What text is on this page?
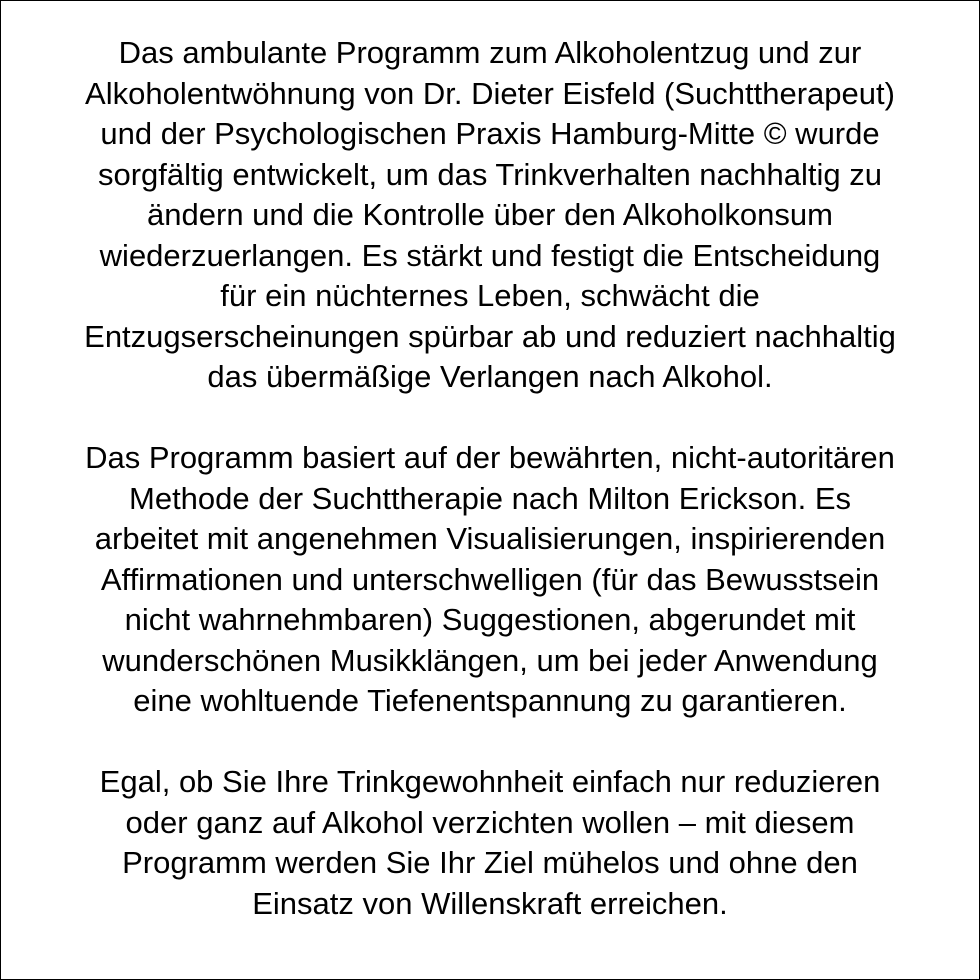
Das ambulante Programm zum Alkoholentzug und zur
Alkoholentwöhnung von Dr. Dieter Eisfeld (Suchttherapeut)
und der Psychologischen Praxis Hamburg-Mitte © wurde
sorgfältig entwickelt, um das Trinkverhalten nachhaltig zu
ändern und die Kontrolle über den Alkoholkonsum
wiederzuerlangen. Es stärkt und festigt die Entscheidung
für ein nüchternes Leben, schwächt die
Entzugserscheinungen spürbar ab und reduziert nachhaltig
das übermäßige Verlangen nach Alkohol.

Das Programm basiert auf der bewährten, nicht-autoritären
Methode der Suchttherapie nach Milton Erickson. Es
arbeitet mit angenehmen Visualisierungen, inspirierenden
Affirmationen und unterschwelligen (für das Bewusstsein
nicht wahrnehmbaren) Suggestionen, abgerundet mit
wunderschönen Musikklängen, um bei jeder Anwendung
eine wohltuende Tiefenentspannung zu garantieren.

Egal, ob Sie Ihre Trinkgewohnheit einfach nur reduzieren
oder ganz auf Alkohol verzichten wollen – mit diesem
Programm werden Sie Ihr Ziel mühelos und ohne den
Einsatz von Willenskraft erreichen.
